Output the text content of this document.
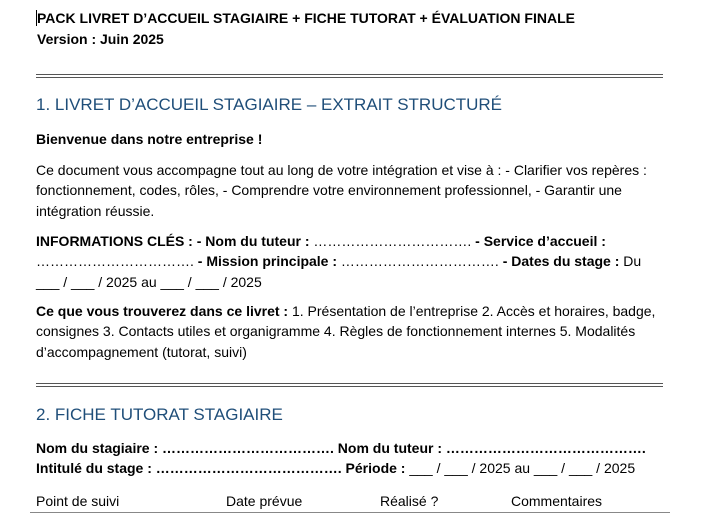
PACK LIVRET D’ACCUEIL STAGIAIRE + FICHE TUTORAT + ÉVALUATION FINALE
Version : Juin 2025
1. LIVRET D’ACCUEIL STAGIAIRE – EXTRAIT STRUCTURÉ
Bienvenue dans notre entreprise !
Ce document vous accompagne tout au long de votre intégration et vise à : - Clarifier vos repères : fonctionnement, codes, rôles, - Comprendre votre environnement professionnel, - Garantir une intégration réussie.
INFORMATIONS CLÉS : - Nom du tuteur : ……………………………. - Service d’accueil : ……………………………. - Mission principale : ……………………………. - Dates du stage : Du ___ / ___ / 2025 au ___ / ___ / 2025
Ce que vous trouverez dans ce livret : 1. Présentation de l’entreprise 2. Accès et horaires, badge, consignes 3. Contacts utiles et organigramme 4. Règles de fonctionnement internes 5. Modalités d’accompagnement (tutorat, suivi)
2. FICHE TUTORAT STAGIAIRE
Nom du stagiaire : ………………………………. Nom du tuteur : ……………………………………. Intitulé du stage : …………………………………. Période : ___ / ___ / 2025 au ___ / ___ / 2025
Point de suivi	Date prévue	Réalisé ?	Commentaires
